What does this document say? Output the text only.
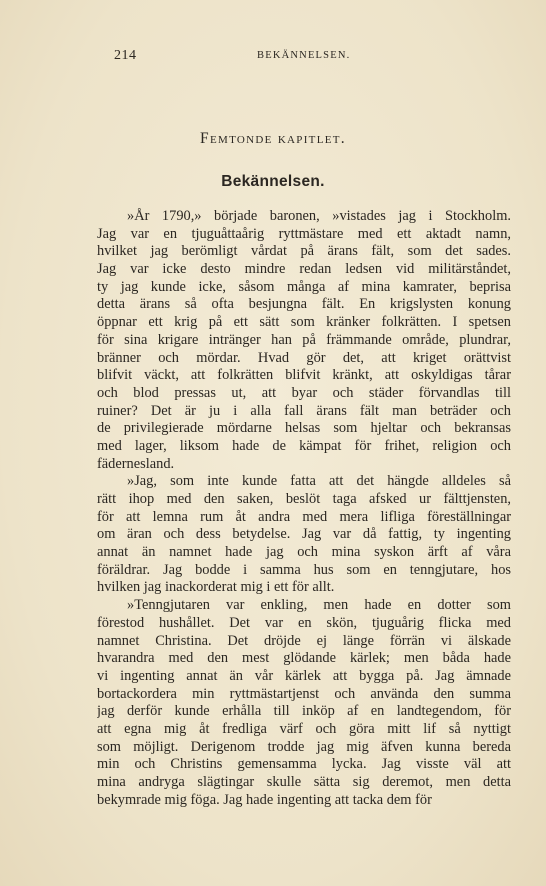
214	BEKÄNNELSEN.
Femtonde kapitlet.
Bekännelsen.
»År 1790,» började baronen, »vistades jag i Stockholm.
Jag var en tjuguåttaårig ryttmästare med ett aktadt namn,
hvilket jag berömligt vårdat på ärans fält, som det sades.
Jag var icke desto mindre redan ledsen vid militärståndet,
ty jag kunde icke, såsom många af mina kamrater, beprisa
detta ärans så ofta besjungna fält. En krigslysten konung
öppnar ett krig på ett sätt som kränker folkrätten. I spetsen
för sina krigare intränger han på främmande område, plundrar,
bränner och mördar. Hvad gör det, att kriget orättvist
blifvit väckt, att folkrätten blifvit kränkt, att oskyldigas tårar
och blod pressas ut, att byar och städer förvandlas till
ruiner? Det är ju i alla fall ärans fält man beträder och
de privilegierade mördarne helsas som hjeltar och bekransas
med lager, liksom hade de kämpat för frihet, religion och
fädernesland.
»Jag, som inte kunde fatta att det hängde alldeles så
rätt ihop med den saken, beslöt taga afsked ur fälttjensten,
för att lemna rum åt andra med mera lifliga föreställningar
om äran och dess betydelse. Jag var då fattig, ty ingenting
annat än namnet hade jag och mina syskon ärft af våra
föräldrar. Jag bodde i samma hus som en tenngjutare, hos
hvilken jag inackorderat mig i ett för allt.
»Tenngjutaren var enkling, men hade en dotter som
förestod hushållet. Det var en skön, tjuguårig flicka med
namnet Christina. Det dröjde ej länge förrän vi älskade
hvarandra med den mest glödande kärlek; men båda hade
vi ingenting annat än vår kärlek att bygga på. Jag ämnade
bortackordera min ryttmästartjenst och använda den summa
jag derför kunde erhålla till inköp af en landtegendom, för
att egna mig åt fredliga värf och göra mitt lif så nyttigt
som möjligt. Derigenom trodde jag mig äfven kunna bereda
min och Christins gemensamma lycka. Jag visste väl att
mina andryga slägtingar skulle sätta sig deremot, men detta
bekymrade mig föga. Jag hade ingenting att tacka dem för
